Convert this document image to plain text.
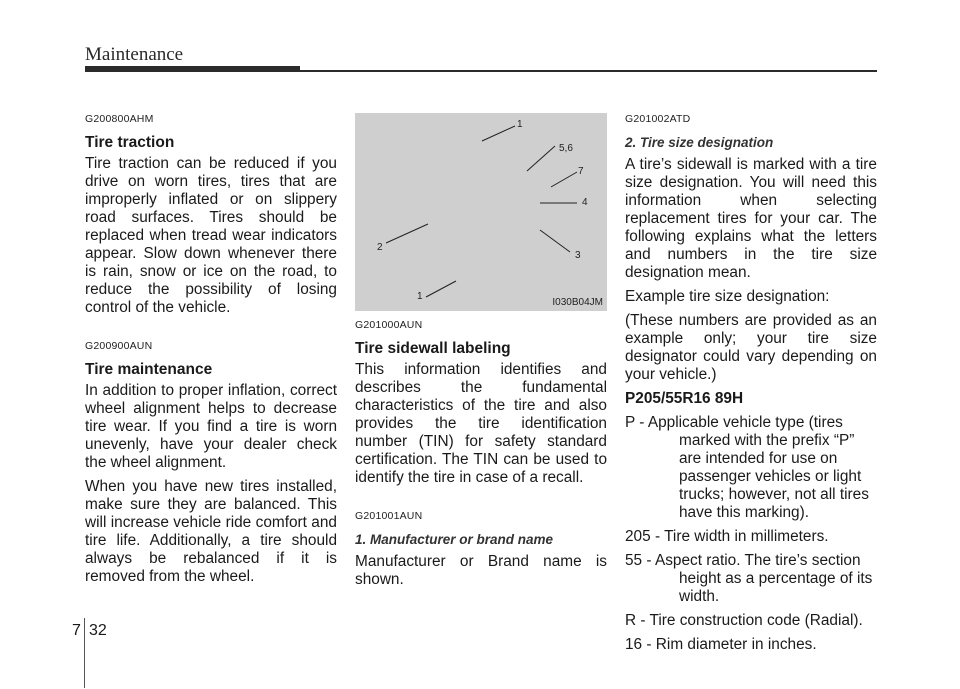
Maintenance
G200800AHM
Tire traction

Tire traction can be reduced if you drive on worn tires, tires that are improperly inflated or on slippery road surfaces. Tires should be replaced when tread wear indicators appear. Slow down whenever there is rain, snow or ice on the road, to reduce the possibility of losing control of the vehicle.

G200900AUN
Tire maintenance

In addition to proper inflation, correct wheel alignment helps to decrease tire wear. If you find a tire is worn unevenly, have your dealer check the wheel alignment.

When you have new tires installed, make sure they are balanced. This will increase vehicle ride comfort and tire life. Additionally, a tire should always be rebalanced if it is removed from the wheel.

1
5,6
7
4
2
3
1
I030B04JM
G201000AUN
Tire sidewall labeling

This information identifies and describes the fundamental characteristics of the tire and also provides the tire identification number (TIN) for safety standard certification. The TIN can be used to identify the tire in case of a recall.

G201001AUN
1. Manufacturer or brand name

Manufacturer or Brand name is shown.

G201002ATD
2. Tire size designation

A tire’s sidewall is marked with a tire size designation. You will need this information when selecting replacement tires for your car. The following explains what the letters and numbers in the tire size designation mean.

Example tire size designation:

(These numbers are provided as an example only; your tire size designator could vary depending on your vehicle.)

P205/55R16 89H

P - Applicable vehicle type (tires marked with the prefix “P” are intended for use on passenger vehicles or light trucks; however, not all tires have this marking).

205 - Tire width in millimeters.

55 - Aspect ratio. The tire’s section height as a percentage of its width.

R - Tire construction code (Radial).

16 - Rim diameter in inches.

7 32
